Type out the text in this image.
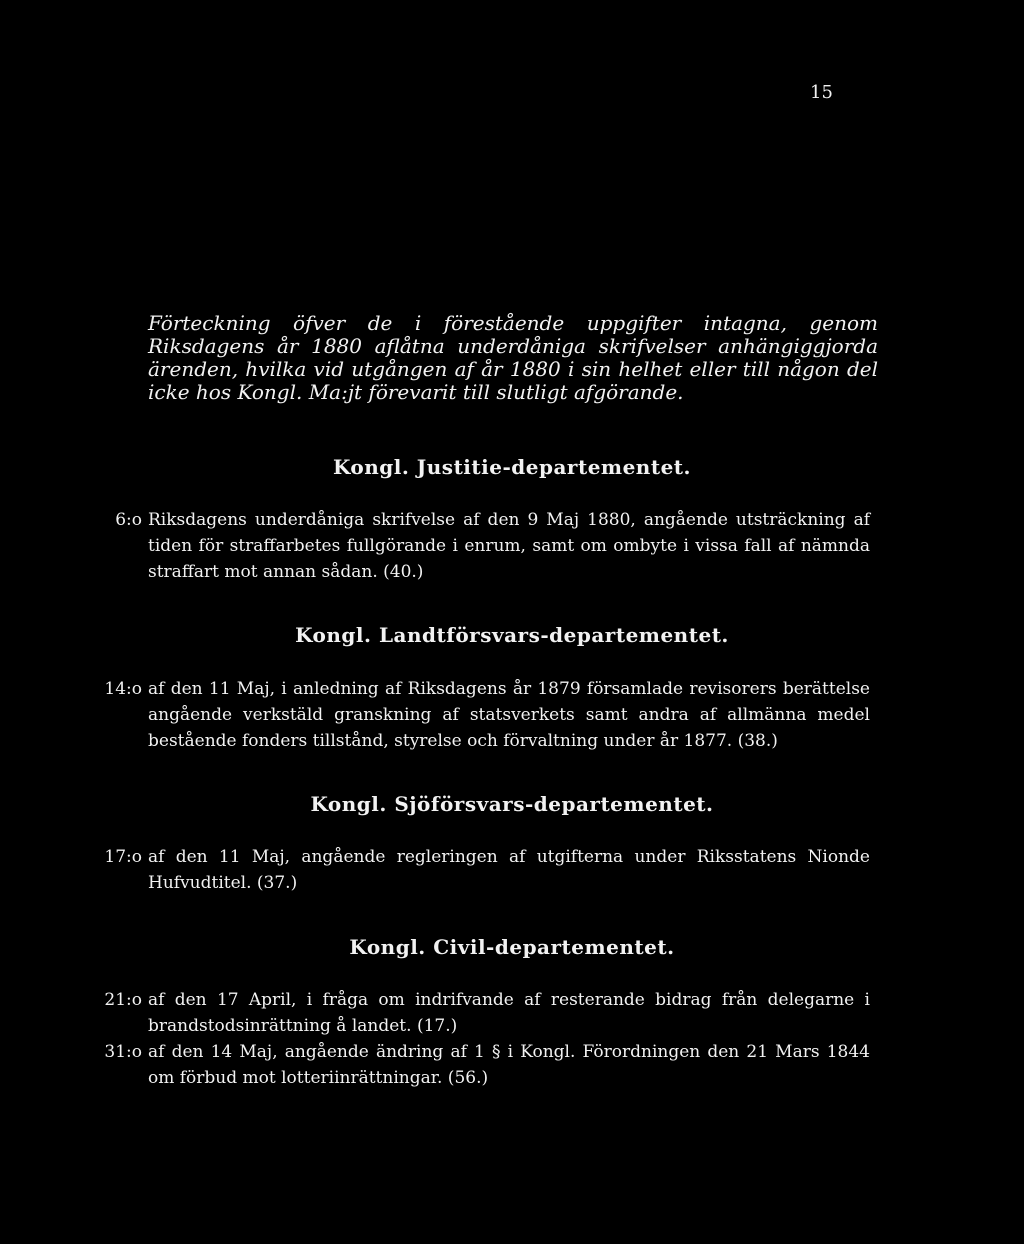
15
Förteckning öfver de i förestående uppgifter intagna, genom Riksdagens år 1880 aflåtna underdåniga skrifvelser anhängiggjorda ärenden, hvilka vid utgången af år 1880 i sin helhet eller till någon del icke hos Kongl. Ma:jt förevarit till slutligt afgörande.
Kongl. Justitie-departementet.
6:o Riksdagens underdåniga skrifvelse af den 9 Maj 1880, angående utsträckning af tiden för straffarbetes fullgörande i enrum, samt om ombyte i vissa fall af nämnda straffart mot annan sådan. (40.)
Kongl. Landtförsvars-departementet.
14:o af den 11 Maj, i anledning af Riksdagens år 1879 församlade revisorers berättelse angående verkstäld granskning af statsverkets samt andra af allmänna medel bestående fonders tillstånd, styrelse och förvaltning under år 1877. (38.)
Kongl. Sjöförsvars-departementet.
17:o af den 11 Maj, angående regleringen af utgifterna under Riksstatens Nionde Hufvudtitel. (37.)
Kongl. Civil-departementet.
21:o af den 17 April, i fråga om indrifvande af resterande bidrag från delegarne i brandstodsinrättning å landet. (17.)
31:o af den 14 Maj, angående ändring af 1 § i Kongl. Förordningen den 21 Mars 1844 om förbud mot lotteriinrättningar. (56.)
